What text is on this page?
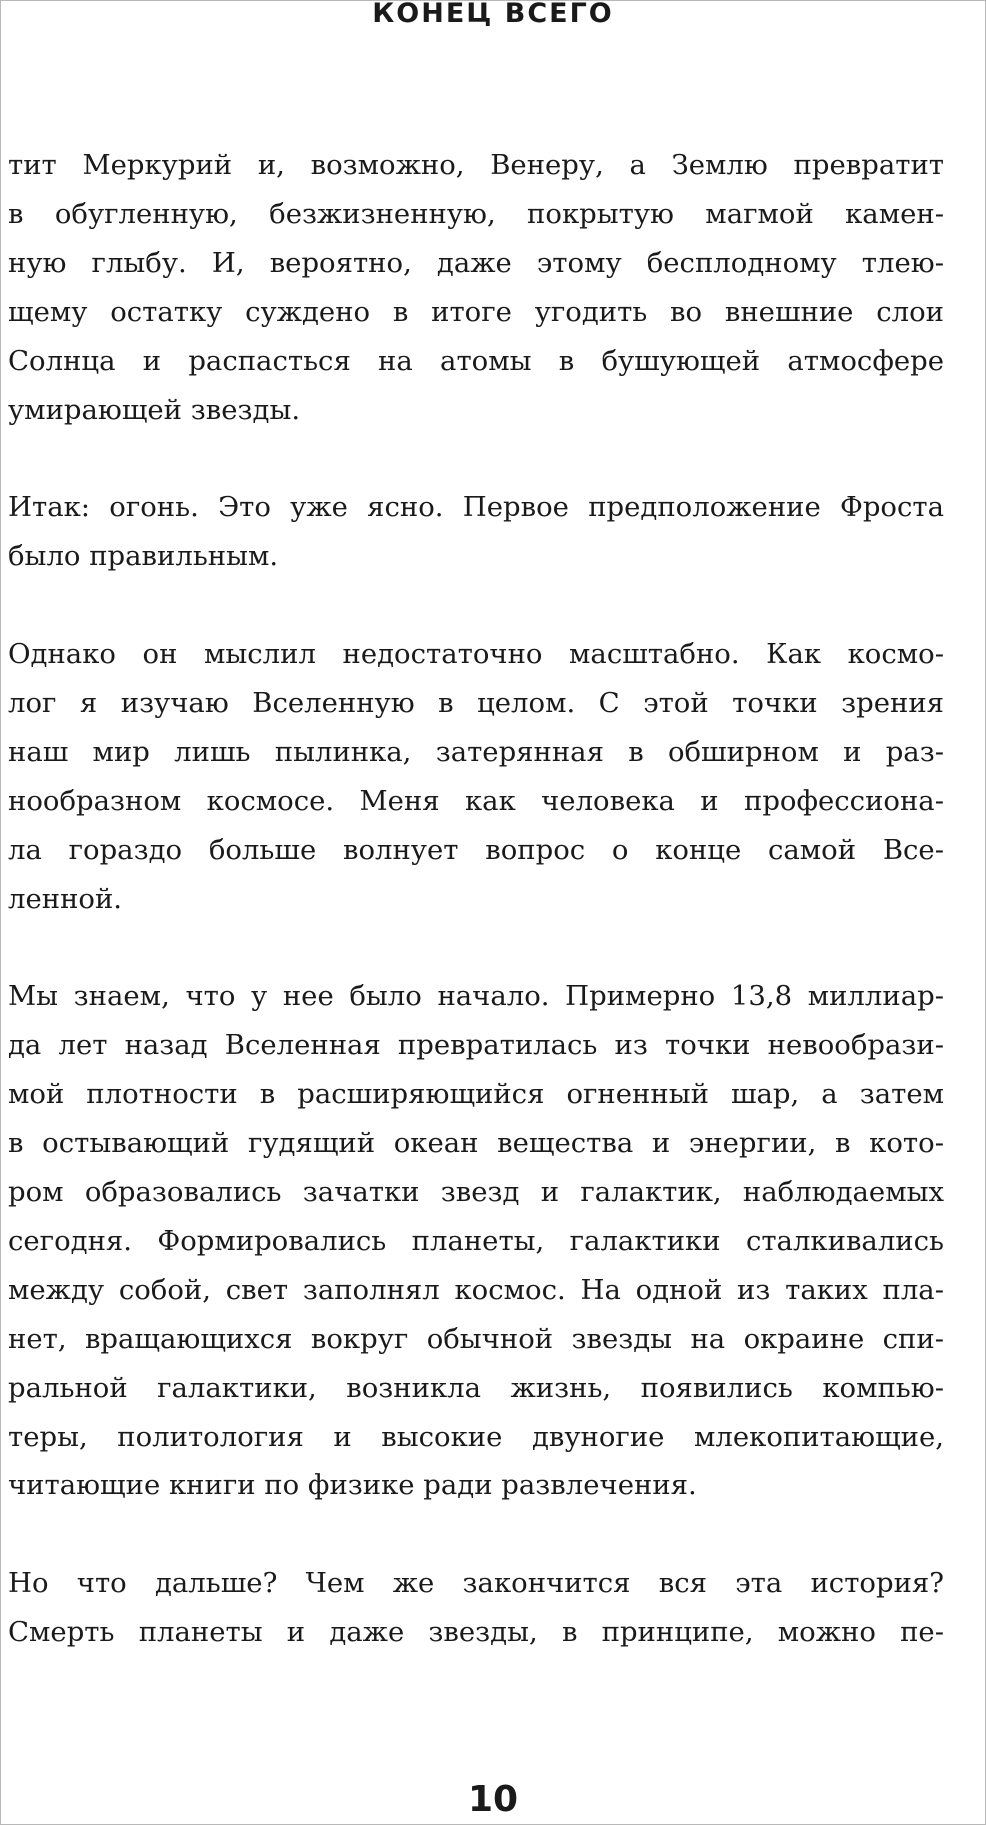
КОНЕЦ ВСЕГО

тит Меркурий и, возможно, Венеру, а Землю превратит
в обугленную, безжизненную, покрытую магмой камен-
ную глыбу. И, вероятно, даже этому бесплодному тлею-
щему остатку суждено в итоге угодить во внешние слои
Солнца и распасться на атомы в бушующей атмосфере
умирающей звезды.

Итак: огонь. Это уже ясно. Первое предположение Фроста
было правильным.

Однако он мыслил недостаточно масштабно. Как космо-
лог я изучаю Вселенную в целом. С этой точки зрения
наш мир лишь пылинка, затерянная в обширном и раз-
нообразном космосе. Меня как человека и профессиона-
ла гораздо больше волнует вопрос о конце самой Все-
ленной.

Мы знаем, что у нее было начало. Примерно 13,8 миллиар-
да лет назад Вселенная превратилась из точки невообрази-
мой плотности в расширяющийся огненный шар, а затем
в остывающий гудящий океан вещества и энергии, в кото-
ром образовались зачатки звезд и галактик, наблюдаемых
сегодня. Формировались планеты, галактики сталкивались
между собой, свет заполнял космос. На одной из таких пла-
нет, вращающихся вокруг обычной звезды на окраине спи-
ральной галактики, возникла жизнь, появились компью-
теры, политология и высокие двуногие млекопитающие,
читающие книги по физике ради развлечения.

Но что дальше? Чем же закончится вся эта история?
Смерть планеты и даже звезды, в принципе, можно пе-

10
